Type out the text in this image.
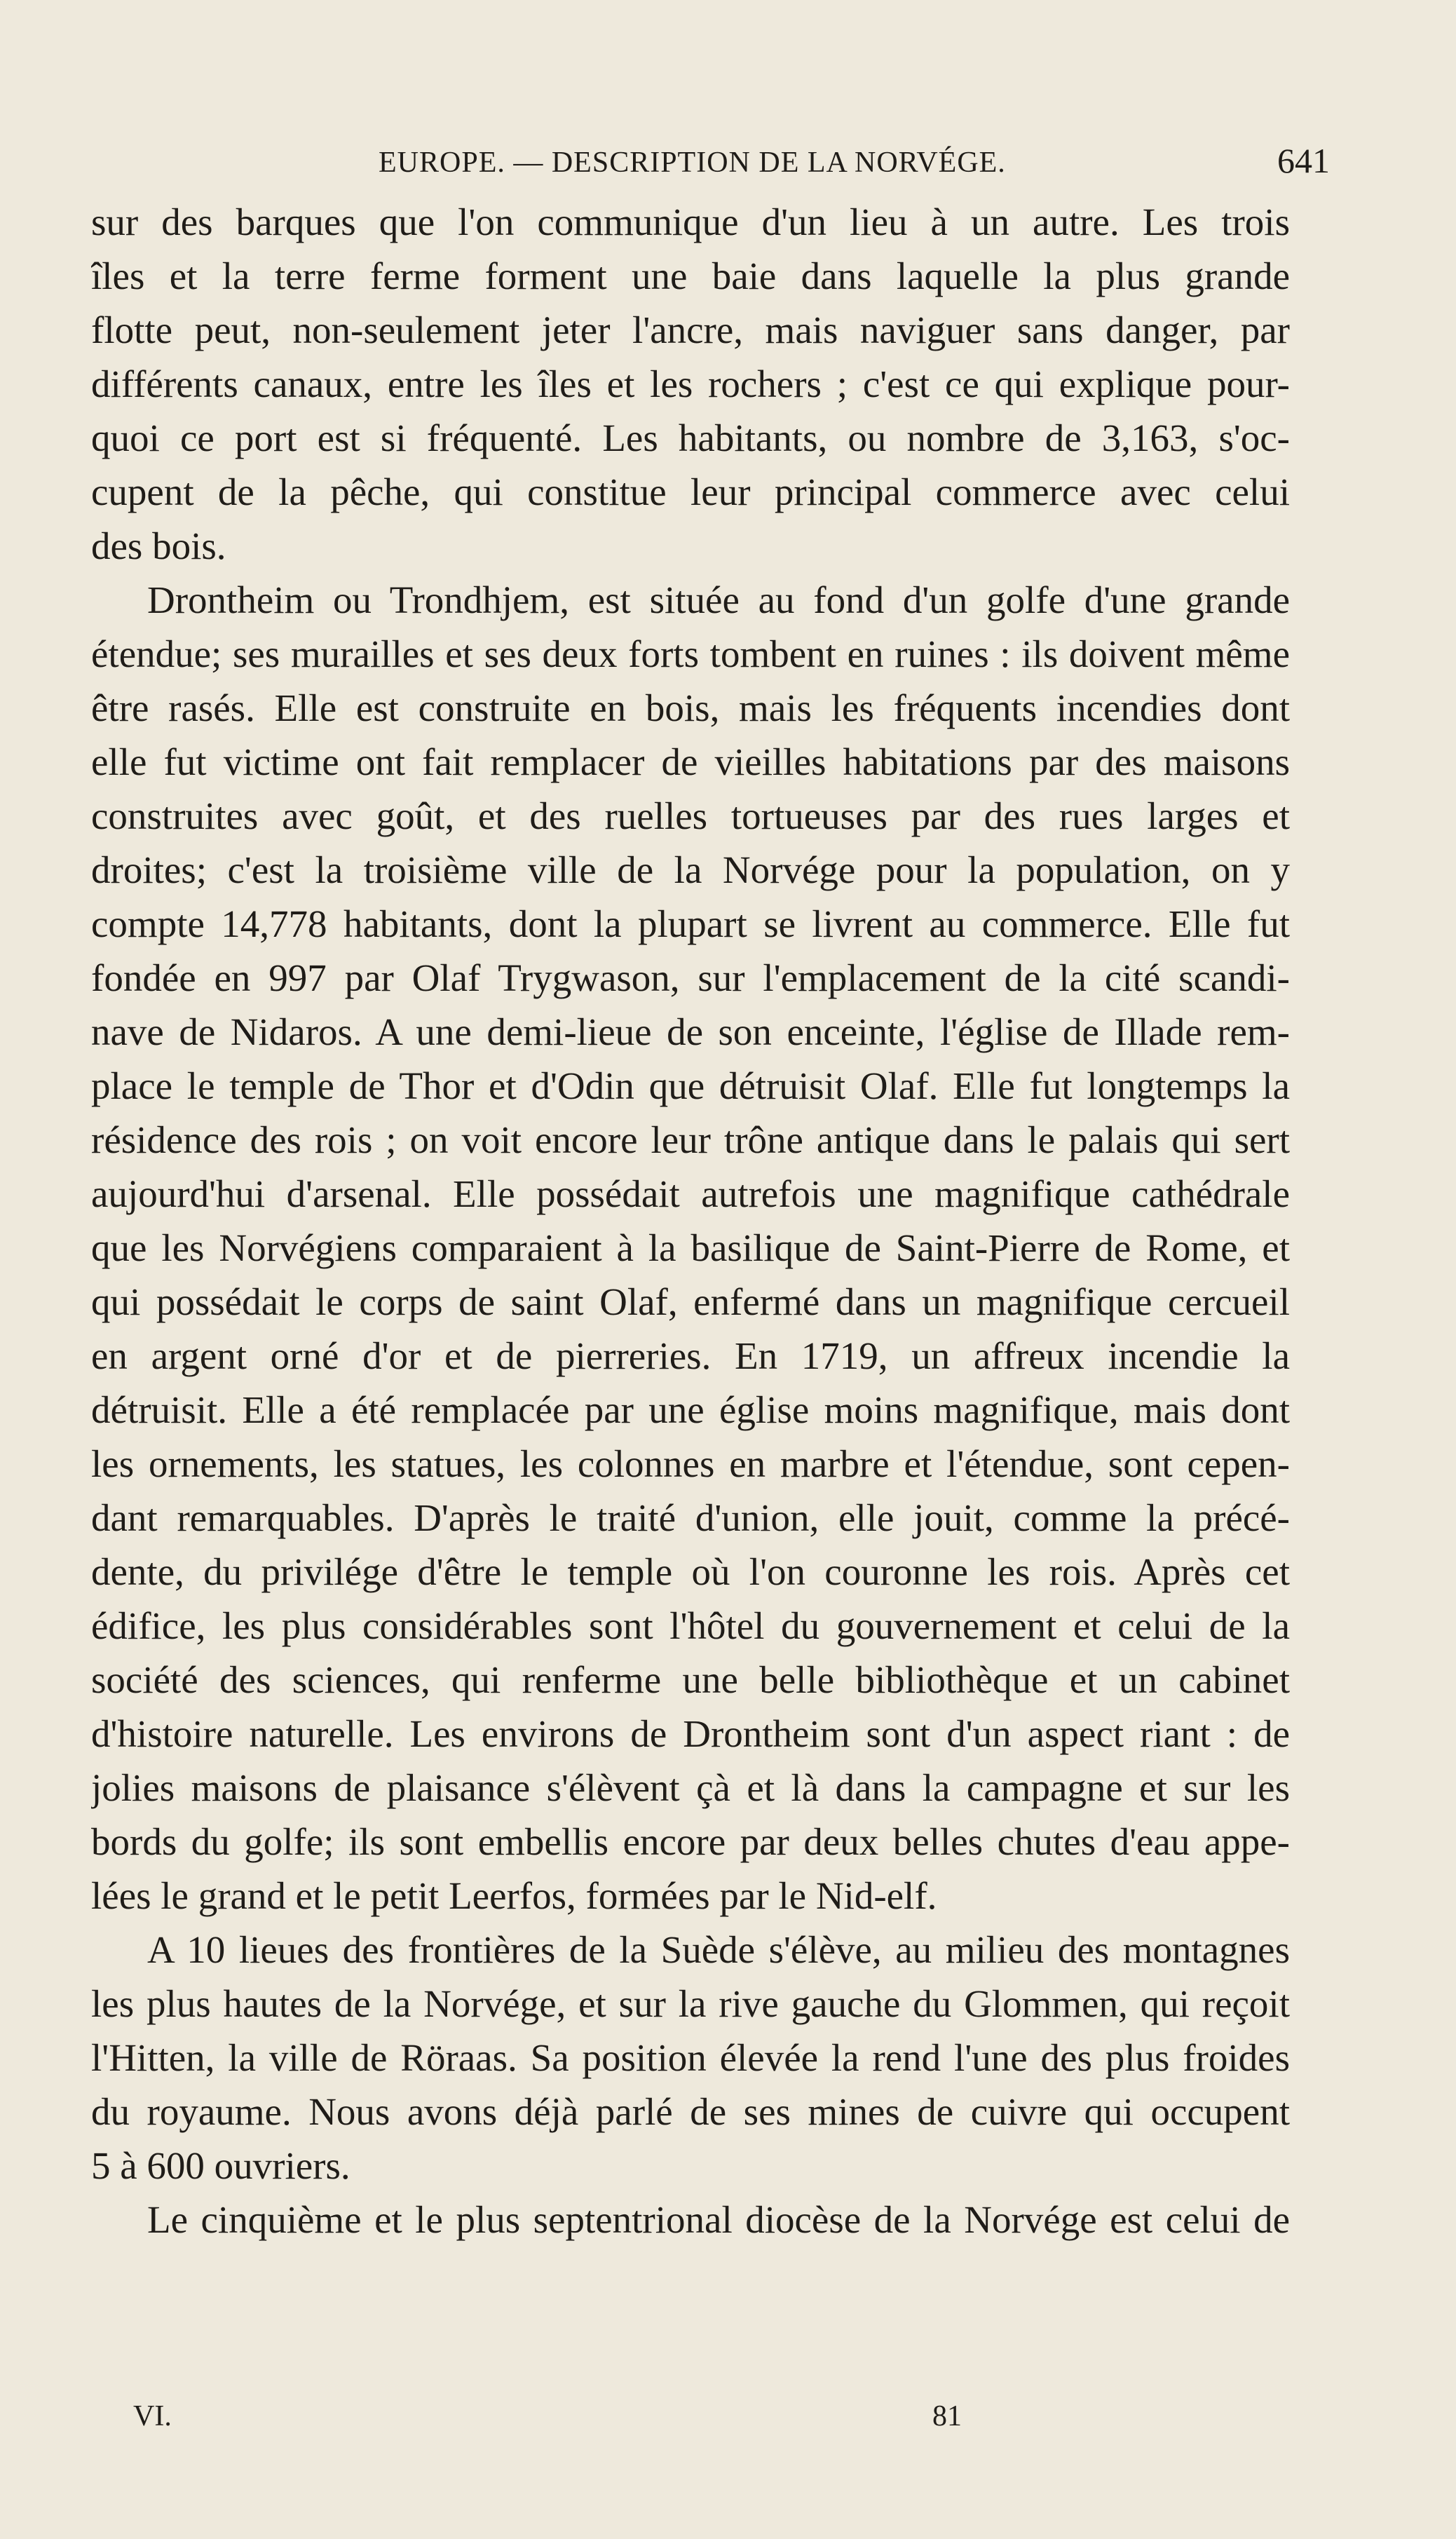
EUROPE. — DESCRIPTION DE LA NORVÉGE.	641
sur des barques que l'on communique d'un lieu à un autre. Les trois
îles et la terre ferme forment une baie dans laquelle la plus grande
flotte peut, non-seulement jeter l'ancre, mais naviguer sans danger, par
différents canaux, entre les îles et les rochers ; c'est ce qui explique pour-
quoi ce port est si fréquenté. Les habitants, ou nombre de 3,163, s'oc-
cupent de la pêche, qui constitue leur principal commerce avec celui
des bois.
Drontheim ou Trondhjem, est située au fond d'un golfe d'une grande
étendue; ses murailles et ses deux forts tombent en ruines : ils doivent même
être rasés. Elle est construite en bois, mais les fréquents incendies dont
elle fut victime ont fait remplacer de vieilles habitations par des maisons
construites avec goût, et des ruelles tortueuses par des rues larges et
droites; c'est la troisième ville de la Norvége pour la population, on y
compte 14,778 habitants, dont la plupart se livrent au commerce. Elle fut
fondée en 997 par Olaf Trygwason, sur l'emplacement de la cité scandi-
nave de Nidaros. A une demi-lieue de son enceinte, l'église de Illade rem-
place le temple de Thor et d'Odin que détruisit Olaf. Elle fut longtemps la
résidence des rois ; on voit encore leur trône antique dans le palais qui sert
aujourd'hui d'arsenal. Elle possédait autrefois une magnifique cathédrale
que les Norvégiens comparaient à la basilique de Saint-Pierre de Rome, et
qui possédait le corps de saint Olaf, enfermé dans un magnifique cercueil
en argent orné d'or et de pierreries. En 1719, un affreux incendie la
détruisit. Elle a été remplacée par une église moins magnifique, mais dont
les ornements, les statues, les colonnes en marbre et l'étendue, sont cepen-
dant remarquables. D'après le traité d'union, elle jouit, comme la précé-
dente, du privilége d'être le temple où l'on couronne les rois. Après cet
édifice, les plus considérables sont l'hôtel du gouvernement et celui de la
société des sciences, qui renferme une belle bibliothèque et un cabinet
d'histoire naturelle. Les environs de Drontheim sont d'un aspect riant : de
jolies maisons de plaisance s'élèvent çà et là dans la campagne et sur les
bords du golfe; ils sont embellis encore par deux belles chutes d'eau appe-
lées le grand et le petit Leerfos, formées par le Nid-elf.
A 10 lieues des frontières de la Suède s'élève, au milieu des montagnes
les plus hautes de la Norvége, et sur la rive gauche du Glommen, qui reçoit
l'Hitten, la ville de Röraas. Sa position élevée la rend l'une des plus froides
du royaume. Nous avons déjà parlé de ses mines de cuivre qui occupent
5 à 600 ouvriers.
Le cinquième et le plus septentrional diocèse de la Norvége est celui de
VI.	81
